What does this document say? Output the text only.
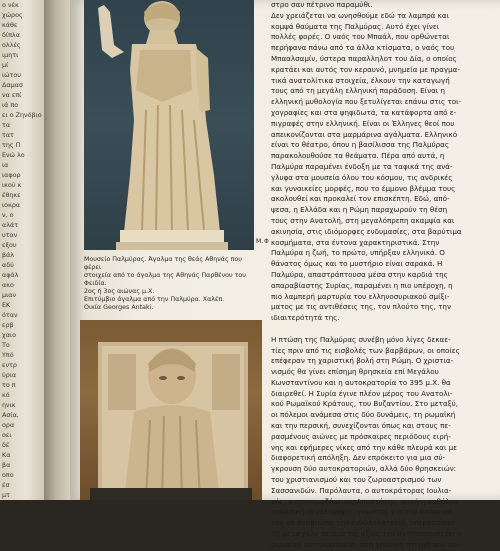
ο νέκ
χώρος
κάθε
δίπλα
ολλές
ιμητι
μί
ιώτου
Δαμασ
να επί
ιά πο
ει ο Ζηνόβιο
τα
τατ
της Π
Ενώ λο
ια
ιαφορ
ικού κ
έθηκε
ιοκρα
ν, ο
αλάτ
υταν
εξου
βάλ
αδύ
αφάλ
ακο
μιαν
ΕΚ
όταν
ερβ
χαιο
Το
Υπό
εντρ
ύρια
το π
κό
ηνικ
Ασία,
ορα
οει
δέ
Κα
βα
οπο
έσ
μτ
M.Φ
Μουσείο Παλμύρας. Άγαλμα της θεάς Αθηνάς που φέρει
στοιχεία από το άγαλμα της Αθηνάς Παρθένου του Φειδία.
2ος ή 3ος αιώνας μ.Χ.
Επιτύμβιο άγαλμα από την Παλμύρα. Χαλέπ.
Οικία Georges Antaki.
στρο σαν πέτρινο παραμύθι.
Δεν χρειάζεται να ωνησθούμε εδώ τα λαμπρά και
κομψά θαύματα της Παλμύρας. Αυτό έχει γίνει
πολλές φορές. Ο ναός του Μπαάλ, που ορθώνεται
περήφανα πάνω από τα άλλα κτίσματα, ο ναός του
Μπααλσαμίν, ύστερα παραλληλοτ του Δία, ο οποίος
κρατάει και αυτός τον κεραυνό, μνημεία με πραγμα-
τικά ανατολίτικα στοιχεία, έλκουν την καταγωγή
τους από τη μεγάλη ελληνική παράδοση. Είναι η
ελληνική μυθολογία που ξετυλίγεται επάνω στις τοι-
χογραφίες και στα ψηφιδωτά, τα κατάφορτα από ε-
πιγραφές στην ελληνική. Είναι οι Έλληνες θεοί που
απεικονίζονται στα μαρμάρινα αγάλματα. Ελληνικό
είναι το θέατρο, όπου η βασίλισσα της Παλμύρας
παρακολουθούσε τα θεάματα. Πέρα από αυτά, η
Παλμύρα παραμένει ένδοξη με τα ταφικά της ανά-
γλυφα στα μουσεία όλου του κόσμου, τις ανδρικές
και γυναικείες μορφές, που το έμμονο βλέμμα τους
ακολουθεί και προκαλεί τον επισκέπτη. Εδώ, από-
ψεσα, η Ελλάδα και η Ρώμη παραχωρούν τη θέση
τους στην Ανατολή, στη μεγαλόπρεπη ακαμψία και
ακινησία, στις ιδιόμορφες ενδυμασίες, στα βαρύτιμα
κοσμήματα, στα έντονα χαρακτηριστικά. Στην
Παλμύρα η ζωή, το πρώτο, υπήρξαν ελληνικά. Ο
θάνατος όμως και το μυστήριο είναι σαρακά. Η
Παλμύρα, απαστράπτουσα μέσα στην καρδιά της
απαραβίαστης Συρίας, παραμένει η πιο υπέροχη, η
πιο λαμπερή μαρτυρία του ελληνοσυριακού σμίξι-
ματος με τις αντιθέσεις της, τον πλούτο της, την
ιδιαιτερότητά της.
Η πτώση της Παλμύρας συνέβη μόνο λίγες δεκαε-
τίες πριν από τις εισβολές των βαρβάρων, οι οποίες
επέφεραν τη χαριστική βολή στη Ρώμη. Ο χριστια-
νισμός θα γίνει επίσημη θρησκεία επί Μεγάλου
Κωνσταντίνου και η αυτοκρατορία το 395 μ.Χ. θα
διαιρεθεί. Η Συρία έγινε πλέον μέρος του Ανατολι-
κού Ρωμαϊκού Κράτους, του Βυζαντίου. Στο μεταξύ,
οι πόλεμοι ανάμεσα στις δύο δυνάμεις, τη ρωμαϊκή
και την περσική, συνεχίζονται όπως και στους πε-
ρασμένους αιώνες με πρόσκαιρες περιόδους ειρή-
νης και εφήμερες νίκες από την κάθε πλευρά και με
διαφορετική απόληξη. Δεν επρόκειτο για μια σύ-
γκρουση δύο αυτοκρατοριών, αλλά δύο θρησκειών:
του χριστιανισμού και του ζωροαστρισμού των
Σασσανιδών. Παρόλαυτα, ο αυτοκράτορας Ιουλια-
νός, ο επονομαζόμενος Αποστάτης, αυτή η καθόλου
πρακτική μεγαλοψυχία, γνωστός για την απόπειρά
του να αναβιώσει την ειδωλολατρεία, υπερασπίσει-
τη με μεγάλο πείσμα τις αξίες του αντιπροσωπεύει η
ρωμαϊκή αυτοκρατορία, στη χρονική στιγμή που αυ-
